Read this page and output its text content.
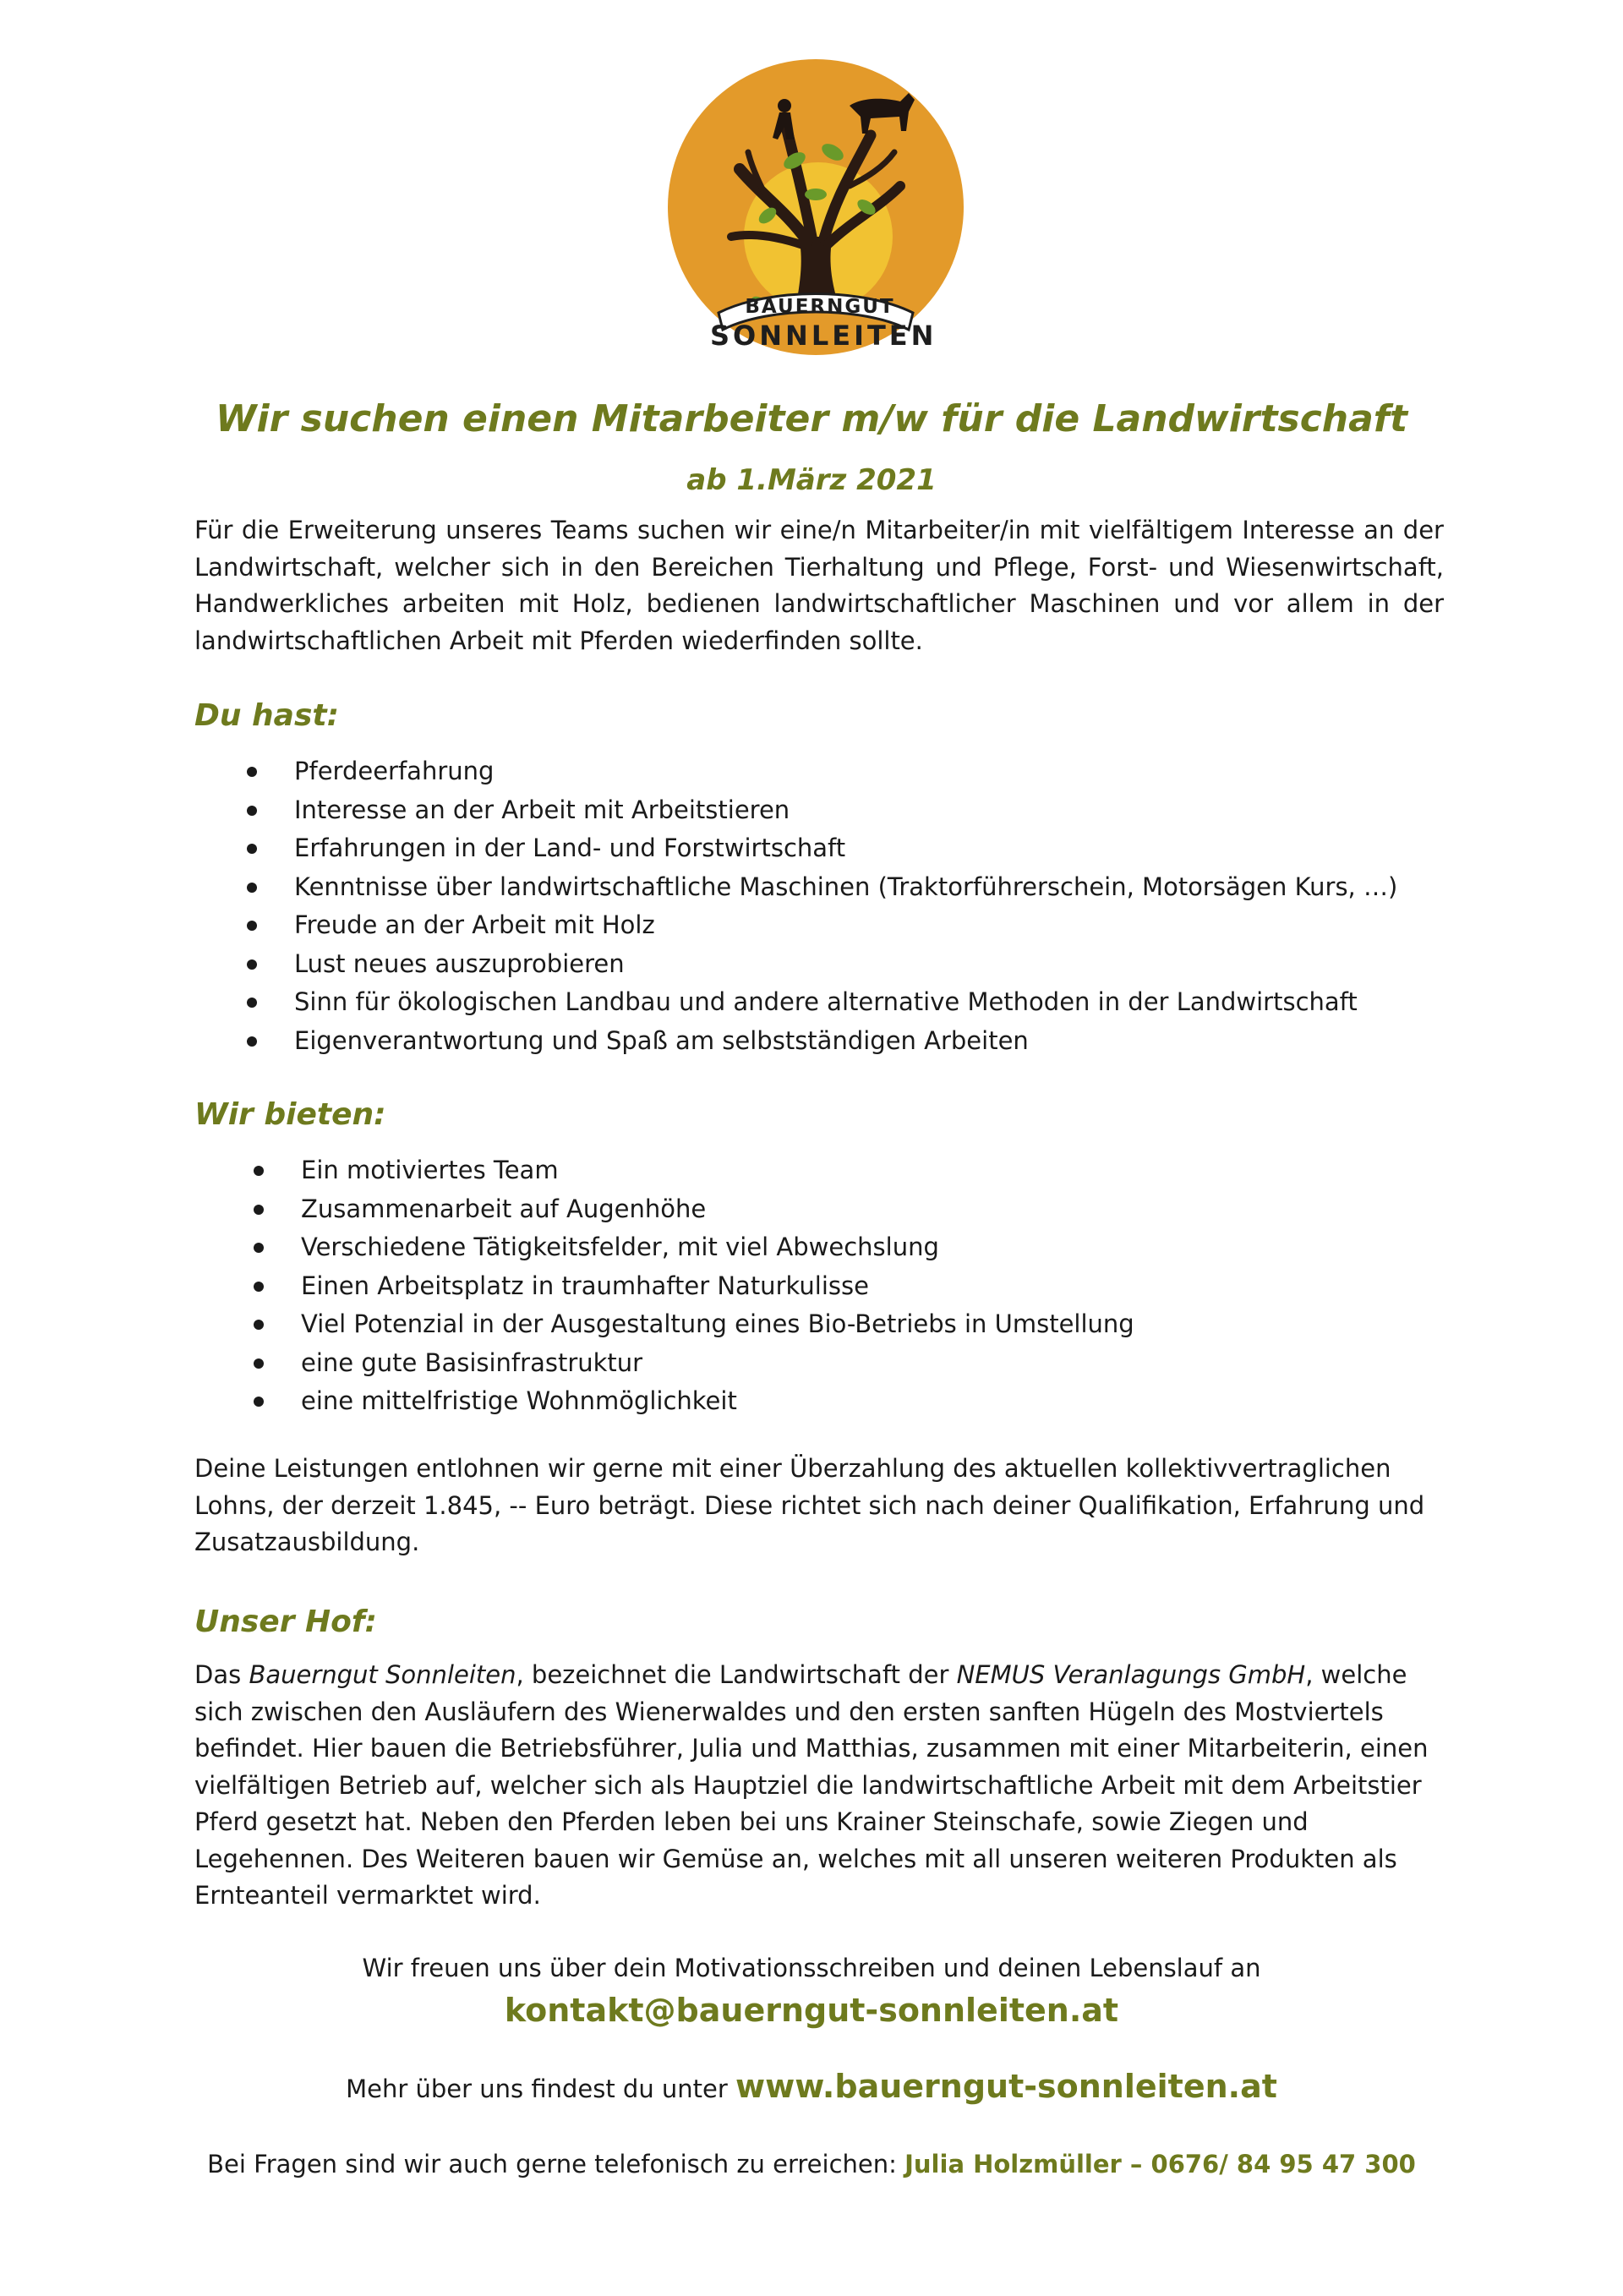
BAUERNGUT
SONNLEITEN
Wir suchen einen Mitarbeiter m/w für die Landwirtschaft
ab 1.März 2021

Für die Erweiterung unseres Teams suchen wir eine/n Mitarbeiter/in mit vielfältigem Interesse an der Landwirtschaft, welcher sich in den Bereichen Tierhaltung und Pflege, Forst- und Wiesenwirtschaft, Handwerkliches arbeiten mit Holz, bedienen landwirtschaftlicher Maschinen und vor allem in der landwirtschaftlichen Arbeit mit Pferden wiederfinden sollte.

Du hast:
Pferdeerfahrung
Interesse an der Arbeit mit Arbeitstieren
Erfahrungen in der Land- und Forstwirtschaft
Kenntnisse über landwirtschaftliche Maschinen (Traktorführerschein, Motorsägen Kurs, …)
Freude an der Arbeit mit Holz
Lust neues auszuprobieren
Sinn für ökologischen Landbau und andere alternative Methoden in der Landwirtschaft
Eigenverantwortung und Spaß am selbstständigen Arbeiten
Wir bieten:
Ein motiviertes Team
Zusammenarbeit auf Augenhöhe
Verschiedene Tätigkeitsfelder, mit viel Abwechslung
Einen Arbeitsplatz in traumhafter Naturkulisse
Viel Potenzial in der Ausgestaltung eines Bio-Betriebs in Umstellung
eine gute Basisinfrastruktur
eine mittelfristige Wohnmöglichkeit

Deine Leistungen entlohnen wir gerne mit einer Überzahlung des aktuellen kollektivvertraglichen Lohns, der derzeit 1.845, -- Euro beträgt. Diese richtet sich nach deiner Qualifikation, Erfahrung und Zusatzausbildung.

Unser Hof:

Das Bauerngut Sonnleiten, bezeichnet die Landwirtschaft der NEMUS Veranlagungs GmbH, welche sich zwischen den Ausläufern des Wienerwaldes und den ersten sanften Hügeln des Mostviertels befindet. Hier bauen die Betriebsführer, Julia und Matthias, zusammen mit einer Mitarbeiterin, einen vielfältigen Betrieb auf, welcher sich als Hauptziel die landwirtschaftliche Arbeit mit dem Arbeitstier Pferd gesetzt hat. Neben den Pferden leben bei uns Krainer Steinschafe, sowie Ziegen und Legehennen. Des Weiteren bauen wir Gemüse an, welches mit all unseren weiteren Produkten als Ernteanteil vermarktet wird.

Wir freuen uns über dein Motivationsschreiben und deinen Lebenslauf an

kontakt@bauerngut-sonnleiten.at

Mehr über uns findest du unter www.bauerngut-sonnleiten.at

Bei Fragen sind wir auch gerne telefonisch zu erreichen: Julia Holzmüller – 0676/ 84 95 47 300
